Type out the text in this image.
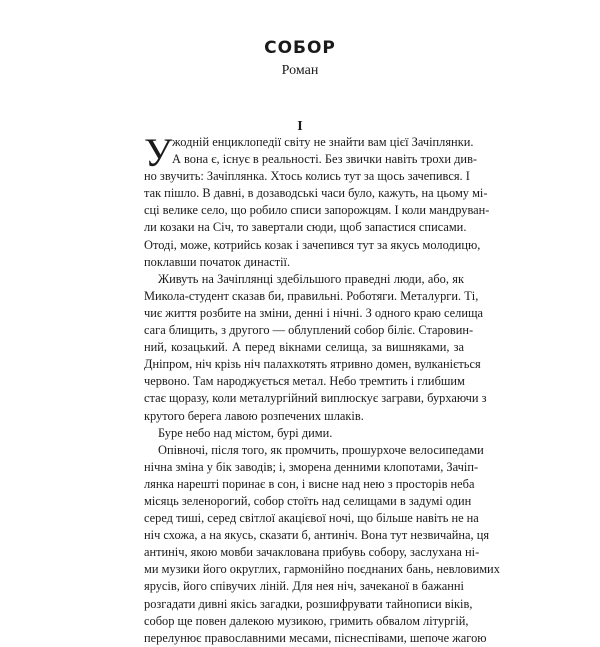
СОБОР
Роман
I
У жодній енциклопедії світу не знайти вам цієї Зачіплянки.
А вона є, існує в реальності. Без звички навіть трохи див-
но звучить: Зачіплянка. Хтось колись тут за щось зачепився. І
так пішло. В давні, в дозаводські часи було, кажуть, на цьому мі-
сці велике село, що робило списи запорожцям. І коли мандруван-
ли козаки на Січ, то завертали сюди, щоб запастися списами.
Отоді, може, котрийсь козак і зачепився тут за якусь молодицю,
поклавши початок династії.
Живуть на Зачіплянці здебільшого праведні люди, або, як
Микола-студент сказав би, правильні. Роботяги. Металурги. Ті,
чиє життя розбите на зміни, денні і нічні. З одного краю селища
сага блищить, з другого — облуплений собор біліє. Старовин-
ний, козацький. А перед вікнами селища, за вишняками, за
Дніпром, ніч крізь ніч палахкотять ятривно домен, вулканіється
червоно. Там народжується метал. Небо тремтить і глибшим
стає щоразу, коли металургійний виплюскує заграви, бурхаючи з
крутого берега лавою розпечених шлаків.
Буре небо над містом, бурі дими.
Опівночі, після того, як промчить, прошурхоче велосипедами
нічна зміна у бік заводів; і, зморена денними клопотами, Зачіп-
лянка нарешті поринає в сон, і висне над нею з просторів неба
місяць зеленорогий, собор стоїть над селищами в задумі один
серед тиші, серед світлої акацієвої ночі, що більше навіть не на
ніч схожа, а на якусь, сказати б, антиніч. Вона тут незвичайна, ця
антиніч, якою мовби зачаклована прибувь собору, заслухана ні-
ми музики його округлих, гармонійно поєднаних бань, невловимих
ярусів, його співучих ліній. Для нея ніч, зачеканої в бажанні
розгадати дивні якісь загадки, розшифрувати тайнописи віків,
собор ще повен далекою музикою, гримить обвалом літургій,
перелунює православними месами, піснеспівами, шепоче жагою
